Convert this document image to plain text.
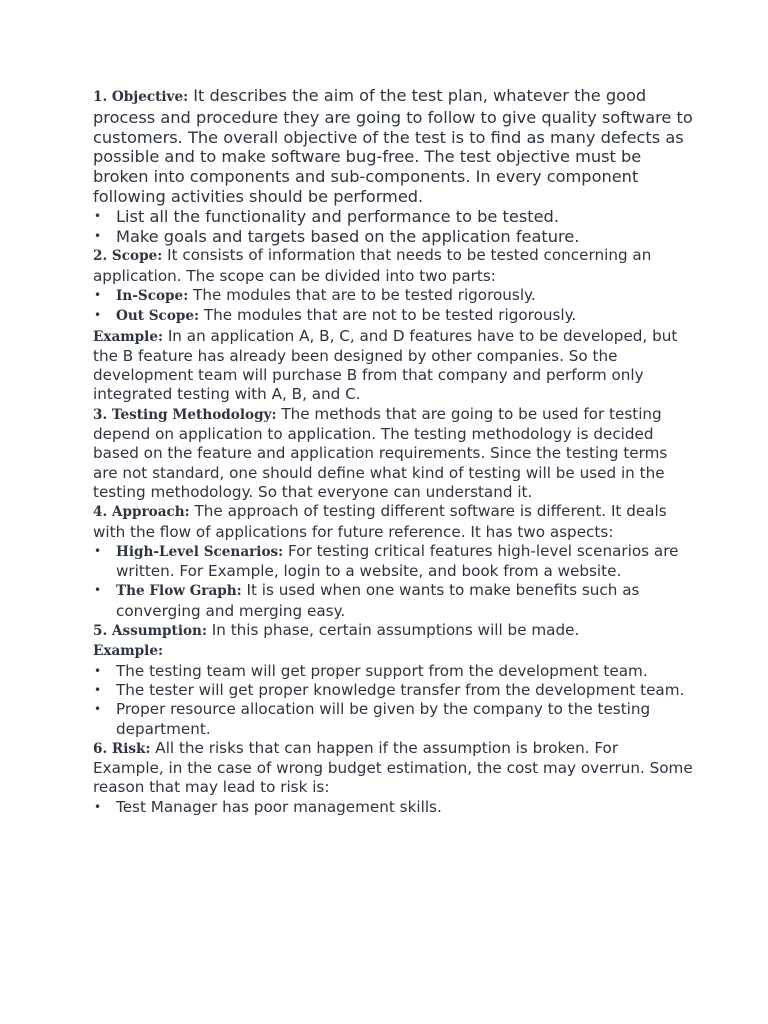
1. Objective: It describes the aim of the test plan, whatever the good process and procedure they are going to follow to give quality software to customers. The overall objective of the test is to find as many defects as possible and to make software bug-free. The test objective must be broken into components and sub-components. In every component following activities should be performed.

• List all the functionality and performance to be tested.
• Make goals and targets based on the application feature.

2. Scope: It consists of information that needs to be tested concerning an application. The scope can be divided into two parts:

• In-Scope: The modules that are to be tested rigorously.
• Out Scope: The modules that are not to be tested rigorously.

Example: In an application A, B, C, and D features have to be developed, but the B feature has already been designed by other companies. So the development team will purchase B from that company and perform only integrated testing with A, B, and C.

3. Testing Methodology: The methods that are going to be used for testing depend on application to application. The testing methodology is decided based on the feature and application requirements. Since the testing terms are not standard, one should define what kind of testing will be used in the testing methodology. So that everyone can understand it.

4. Approach: The approach of testing different software is different. It deals with the flow of applications for future reference. It has two aspects:

• High-Level Scenarios: For testing critical features high-level scenarios are written. For Example, login to a website, and book from a website.
• The Flow Graph: It is used when one wants to make benefits such as converging and merging easy.

5. Assumption: In this phase, certain assumptions will be made.

Example:

• The testing team will get proper support from the development team.
• The tester will get proper knowledge transfer from the development team.
• Proper resource allocation will be given by the company to the testing department.

6. Risk: All the risks that can happen if the assumption is broken. For Example, in the case of wrong budget estimation, the cost may overrun. Some reason that may lead to risk is:

• Test Manager has poor management skills.
